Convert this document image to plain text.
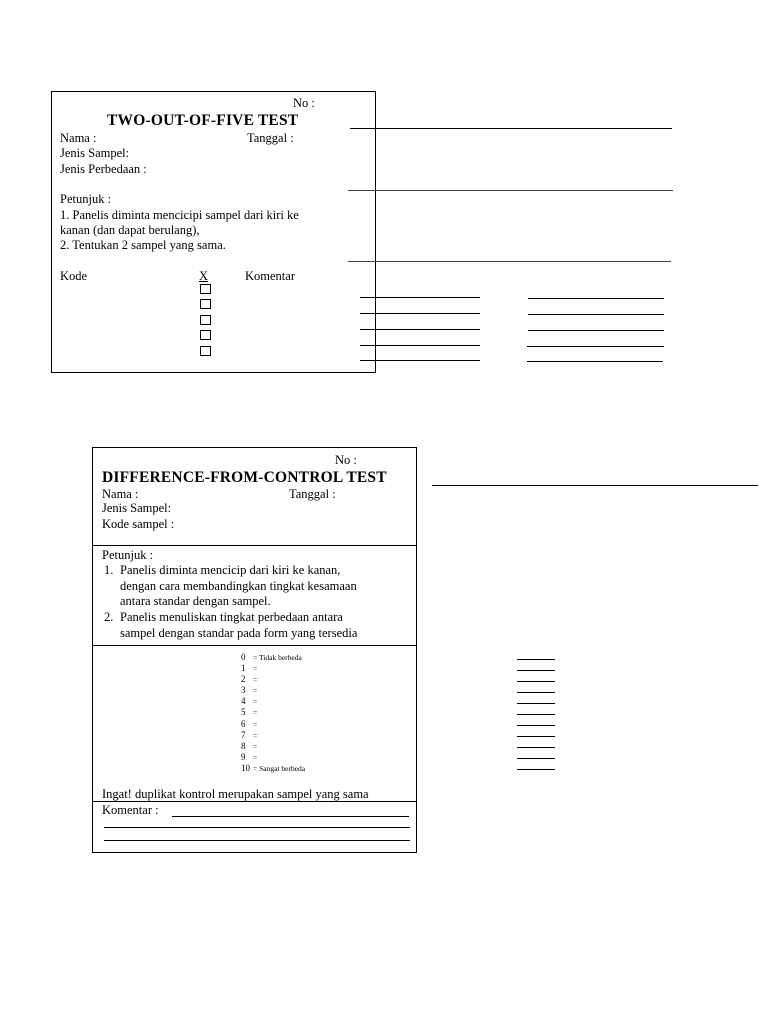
No :
TWO-OUT-OF-FIVE TEST
Nama :	Tanggal :
Jenis Sampel:
Jenis Perbedaan :
Petunjuk :
1. Panelis diminta mencicipi sampel dari kiri ke
kanan (dan dapat berulang),
2. Tentukan 2 sampel yang sama.
Kode	X	Komentar
No :
DIFFERENCE-FROM-CONTROL TEST
Nama :	Tanggal :
Jenis Sampel:
Kode sampel :
Petunjuk :
1. Panelis diminta mencicip dari kiri ke kanan,
dengan cara membandingkan tingkat kesamaan
antara standar dengan sampel.
2. Panelis menuliskan tingkat perbedaan antara
sampel dengan standar pada form yang tersedia
0 = Tidak berbeda
1 =
2 =
3 =
4 =
5 =
6 =
7 =
8 =
9 =
10 = Sangat berbeda
Ingat! duplikat kontrol merupakan sampel yang sama
Komentar :
